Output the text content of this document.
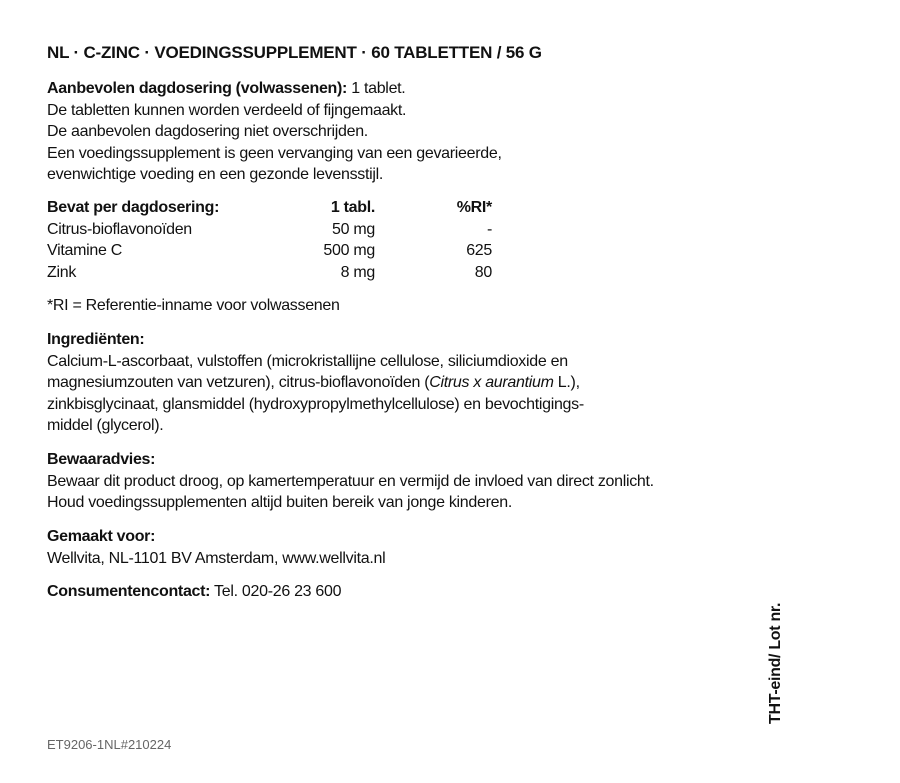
NL · C-ZINC · VOEDINGSSUPPLEMENT · 60 TABLETTEN / 56 G
Aanbevolen dagdosering (volwassenen): 1 tablet.
De tabletten kunnen worden verdeeld of fijngemaakt.
De aanbevolen dagdosering niet overschrijden.
Een voedingssupplement is geen vervanging van een gevarieerde,
evenwichtige voeding en een gezonde levensstijl.
Bevat per dagdosering:	1 tabl.	%RI*
Citrus-bioflavonoïden	50 mg	-
Vitamine C	500 mg	625
Zink	8 mg	80
*RI = Referentie-inname voor volwassenen
Ingrediënten:
Calcium-L-ascorbaat, vulstoffen (microkristallijne cellulose, siliciumdioxide en
magnesiumzouten van vetzuren), citrus-bioflavonoïden (Citrus x aurantium L.),
zinkbisglycinaat, glansmiddel (hydroxypropylmethylcellulose) en bevochtigings-
middel (glycerol).
Bewaaradvies:
Bewaar dit product droog, op kamertemperatuur en vermijd de invloed van direct zonlicht.
Houd voedingssupplementen altijd buiten bereik van jonge kinderen.
Gemaakt voor:
Wellvita, NL-1101 BV Amsterdam, www.wellvita.nl
Consumentencontact: Tel. 020-26 23 600
THT-eind/ Lot nr.
ET9206-1NL#210224
